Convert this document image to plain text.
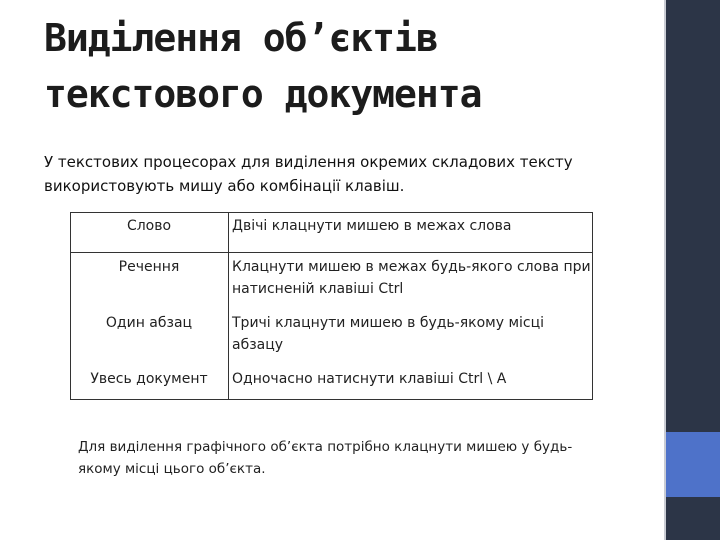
Виділення об’єктів
текстового документа

У текстових процесорах для виділення окремих складових тексту використовують мишу або комбінації клавіш.

Слово	Двічі клацнути мишею в межах слова
Речення	Клацнути мишею в межах будь-якого слова при натисненій клавіші Ctrl
Один абзац	Тричі клацнути мишею в будь-якому місці абзацу
Увесь документ	Одночасно натиснути клавіші Ctrl \ A

Для виділення графічного об’єкта потрібно клацнути мишею у будь-якому місці цього об’єкта.
